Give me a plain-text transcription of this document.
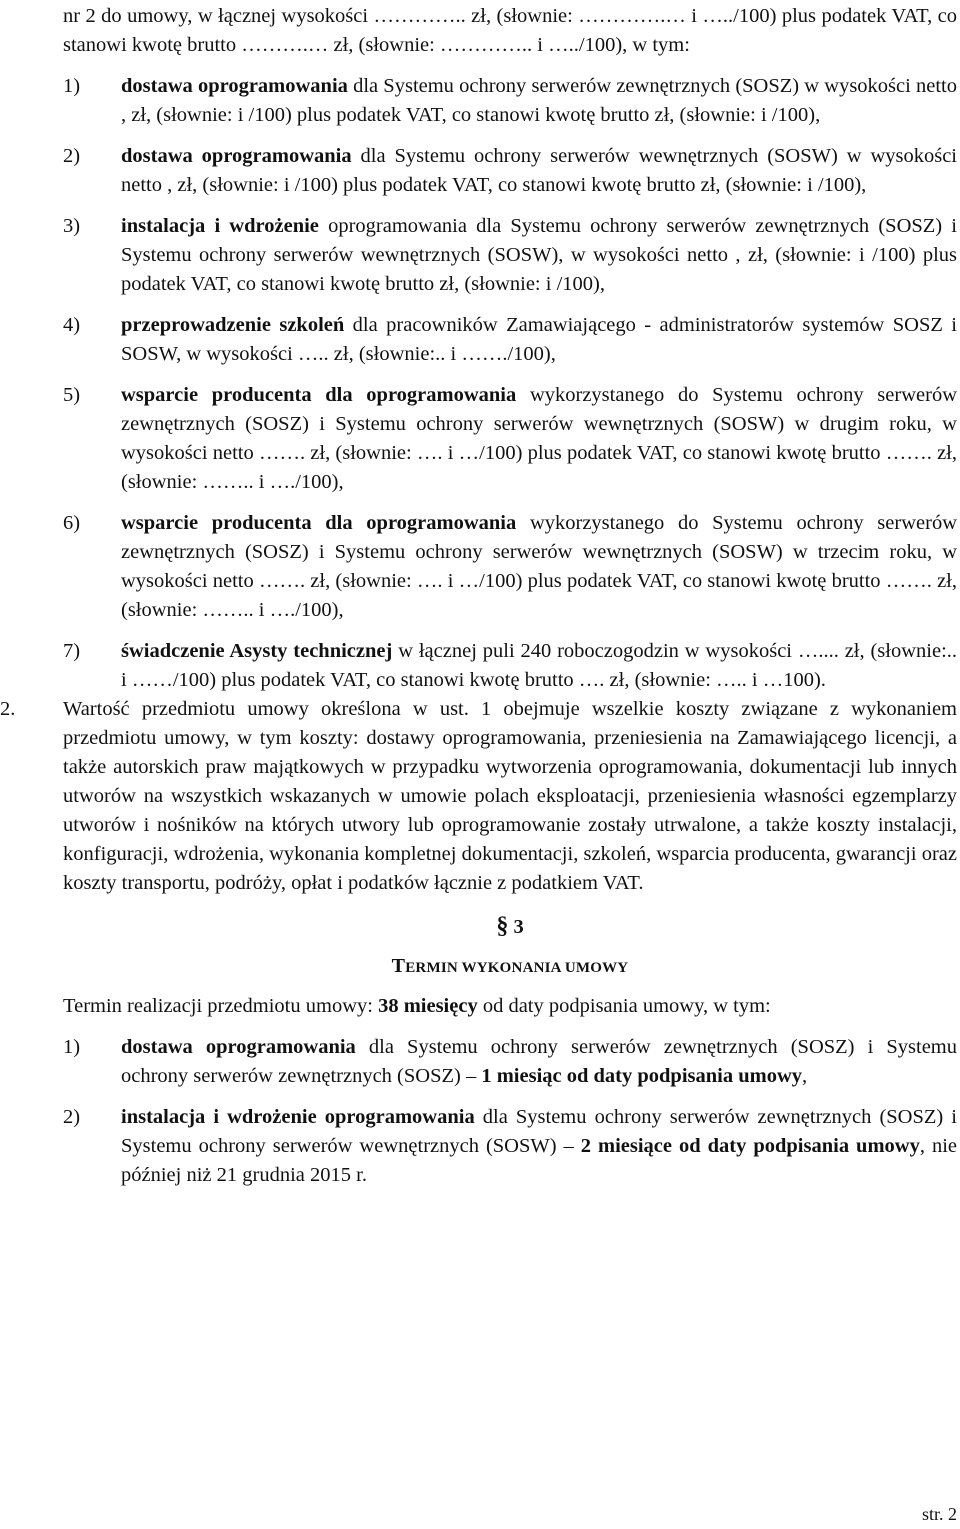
nr 2 do umowy, w łącznej wysokości ………….. zł, (słownie: ………….… i …../100) plus podatek VAT, co stanowi kwotę brutto ……….… zł, (słownie: ………….. i …../100), w tym:

1) dostawa oprogramowania dla Systemu ochrony serwerów zewnętrznych (SOSZ) w wysokości netto , zł, (słownie: i /100) plus podatek VAT, co stanowi kwotę brutto zł, (słownie: i /100),
2) dostawa oprogramowania dla Systemu ochrony serwerów wewnętrznych (SOSW) w wysokości netto , zł, (słownie: i /100) plus podatek VAT, co stanowi kwotę brutto zł, (słownie: i /100),
3) instalacja i wdrożenie oprogramowania dla Systemu ochrony serwerów zewnętrznych (SOSZ) i Systemu ochrony serwerów wewnętrznych (SOSW), w wysokości netto , zł, (słownie: i /100) plus podatek VAT, co stanowi kwotę brutto zł, (słownie: i /100),
4) przeprowadzenie szkoleń dla pracowników Zamawiającego - administratorów systemów SOSZ i SOSW, w wysokości ….. zł, (słownie:.. i ……./100),
5) wsparcie producenta dla oprogramowania wykorzystanego do Systemu ochrony serwerów zewnętrznych (SOSZ) i Systemu ochrony serwerów wewnętrznych (SOSW) w drugim roku, w wysokości netto ……. zł, (słownie: …. i …/100) plus podatek VAT, co stanowi kwotę brutto ……. zł, (słownie: …….. i …./100),
6) wsparcie producenta dla oprogramowania wykorzystanego do Systemu ochrony serwerów zewnętrznych (SOSZ) i Systemu ochrony serwerów wewnętrznych (SOSW) w trzecim roku, w wysokości netto ……. zł, (słownie: …. i …/100) plus podatek VAT, co stanowi kwotę brutto ……. zł, (słownie: …….. i …./100),
7) świadczenie Asysty technicznej w łącznej puli 240 roboczogodzin w wysokości ….... zł, (słownie:.. i ……/100) plus podatek VAT, co stanowi kwotę brutto …. zł, (słownie: ….. i …100).

2. Wartość przedmiotu umowy określona w ust. 1 obejmuje wszelkie koszty związane z wykonaniem przedmiotu umowy, w tym koszty: dostawy oprogramowania, przeniesienia na Zamawiającego licencji, a także autorskich praw majątkowych w przypadku wytworzenia oprogramowania, dokumentacji lub innych utworów na wszystkich wskazanych w umowie polach eksploatacji, przeniesienia własności egzemplarzy utworów i nośników na których utwory lub oprogramowanie zostały utrwalone, a także koszty instalacji, konfiguracji, wdrożenia, wykonania kompletnej dokumentacji, szkoleń, wsparcia producenta, gwarancji oraz koszty transportu, podróży, opłat i podatków łącznie z podatkiem VAT.

§ 3
TERMIN WYKONANIA UMOWY

Termin realizacji przedmiotu umowy: 38 miesięcy od daty podpisania umowy, w tym:

1) dostawa oprogramowania dla Systemu ochrony serwerów zewnętrznych (SOSZ) i Systemu ochrony serwerów zewnętrznych (SOSZ) – 1 miesiąc od daty podpisania umowy,
2) instalacja i wdrożenie oprogramowania dla Systemu ochrony serwerów zewnętrznych (SOSZ) i Systemu ochrony serwerów wewnętrznych (SOSW) – 2 miesiące od daty podpisania umowy, nie później niż 21 grudnia 2015 r.
str. 2
